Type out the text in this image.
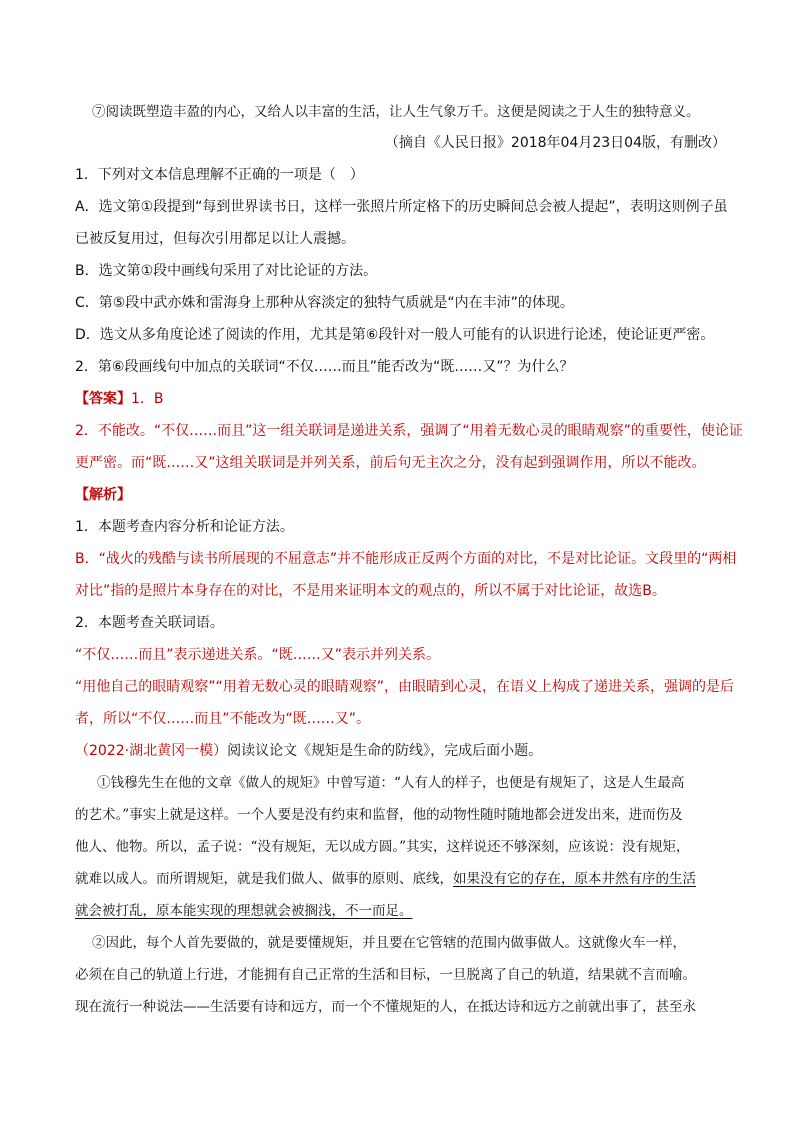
⑦阅读既塑造丰盈的内心，又给人以丰富的生活，让人生气象万千。这便是阅读之于人生的独特意义。
（摘自《人民日报》2018年04月23日04版，有删改）
1．下列对文本信息理解不正确的一项是（　）
A．选文第①段提到“每到世界读书日，这样一张照片所定格下的历史瞬间总会被人提起”，表明这则例子虽
已被反复用过，但每次引用都足以让人震撼。
B．选文第①段中画线句采用了对比论证的方法。
C．第⑤段中武亦姝和雷海身上那种从容淡定的独特气质就是“内在丰沛”的体现。
D．选文从多角度论述了阅读的作用，尤其是第⑥段针对一般人可能有的认识进行论述，使论证更严密。
2．第⑥段画线句中加点的关联词“不仅……而且”能否改为“既……又”？为什么？
【答案】1．B
2．不能改。“不仅……而且”这一组关联词是递进关系，强调了“用着无数心灵的眼睛观察”的重要性，使论证
更严密。而“既……又”这组关联词是并列关系，前后句无主次之分，没有起到强调作用，所以不能改。
【解析】
1．本题考查内容分析和论证方法。
B．“战火的残酷与读书所展现的不屈意志”并不能形成正反两个方面的对比，不是对比论证。文段里的“两相
对比”指的是照片本身存在的对比，不是用来证明本文的观点的，所以不属于对比论证，故选B。
2．本题考查关联词语。
“不仅……而且”表示递进关系。“既……又”表示并列关系。
“用他自己的眼睛观察”“用着无数心灵的眼睛观察”，由眼睛到心灵，在语义上构成了递进关系，强调的是后
者，所以“不仅……而且”不能改为“既……又”。
（2022·湖北黄冈一模）阅读议论文《规矩是生命的防线》，完成后面小题。
①钱穆先生在他的文章《做人的规矩》中曾写道：“人有人的样子，也便是有规矩了，这是人生最高
的艺术。”事实上就是这样。一个人要是没有约束和监督，他的动物性随时随地都会迸发出来，进而伤及
他人、他物。所以，孟子说：“没有规矩，无以成方圆。”其实，这样说还不够深刻，应该说：没有规矩，
就难以成人。而所谓规矩，就是我们做人、做事的原则、底线，如果没有它的存在，原本井然有序的生活
就会被打乱，原本能实现的理想就会被搁浅，不一而足。
②因此，每个人首先要做的，就是要懂规矩，并且要在它管辖的范围内做事做人。这就像火车一样，
必须在自己的轨道上行进，才能拥有自己正常的生活和目标，一旦脱离了自己的轨道，结果就不言而喻。
现在流行一种说法——生活要有诗和远方，而一个不懂规矩的人，在抵达诗和远方之前就出事了，甚至永
